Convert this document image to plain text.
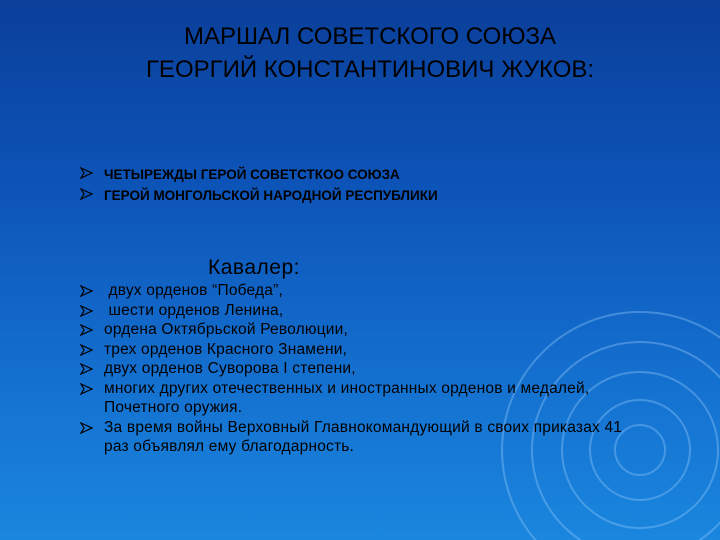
МАРШАЛ СОВЕТСКОГО СОЮЗА
ГЕОРГИЙ КОНСТАНТИНОВИЧ ЖУКОВ:
ЧЕТЫРЕЖДЫ ГЕРОЙ СОВЕТСТКОО СОЮЗА
ГЕРОЙ МОНГОЛЬСКОЙ НАРОДНОЙ РЕСПУБЛИКИ
Кавалер:
двух орденов “Победа”,
шести орденов Ленина,
ордена Октябрьской Революции,
трех орденов Красного Знамени,
двух орденов Суворова I степени,
многих других отечественных и иностранных орденов и медалей, Почетного оружия.
За время войны Верховный Главнокомандующий в своих приказах 41 раз объявлял ему благодарность.
